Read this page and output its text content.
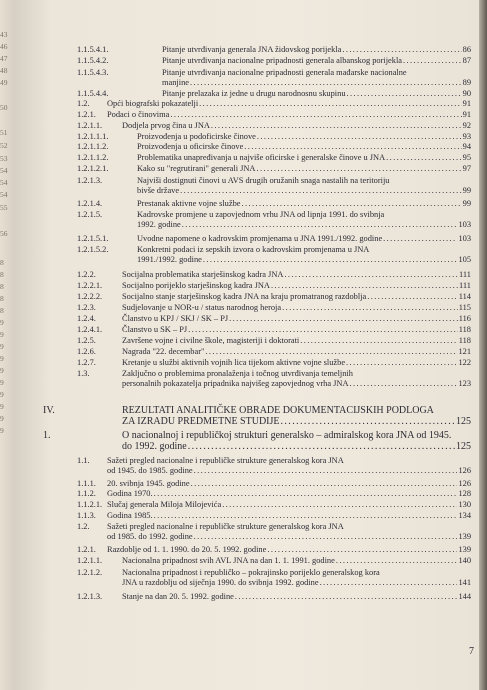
43
46
47
48
49
50
51
52
53
54
54
54
55
56
8
8
8
8
8
9
9
9
9
9
9
9
9
9
9
1.1.5.4.1.	Pitanje utvrđivanja generala JNA židovskog porijekla .....	86
1.1.5.4.2.	Pitanje utvrđivanja nacionalne pripadnosti generala albanskog porijekla .....	87
1.1.5.4.3.	Pitanje utvrđivanja nacionalne pripadnosti generala mađarske nacionalne
manjine .....	89
1.1.5.4.4.	Pitanje prelazaka iz jedne u drugu narodnosnu skupinu .....	90
1.2. Opći biografski pokazatelji .....	91
1.2.1. Podaci o činovima .....	91
1.2.1.1. Dodjela prvog čina u JNA .....	92
1.2.1.1.1.	Proizvođenja u podoficirske činove .....	93
1.2.1.1.2.	Proizvođenja u oficirske činove .....	94
1.2.1.1.2.	Problematika unapređivanja u najviše oficirske i generalske činove u JNA .....	95
1.2.1.2.1.	Kako su "regrutirani" generali JNA .....	97
1.2.1.3.	Najviši dostignuti činovi u AVS drugih oružanih snaga nastalih na teritoriju
bivše države .....	99
1.2.1.4.	Prestanak aktivne vojne službe .....	99
1.2.1.5.	Kadrovske promjene u zapovjednom vrhu JNA od lipnja 1991. do svibnja
1992. godine .....	103
1.2.1.5.1.	Uvodne napomene o kadrovskim promjenama u JNA 1991./1992. godine .....	103
1.2.1.5.2.	Konkretni podaci iz sepskih izvora o kadrovskim promjenama u JNA
1991./1992. godine .....	105
1.2.2.	Socijalna problematika starješinskog kadra JNA .....	111
1.2.2.1. Socijalno porijeklo starješinskog kadra JNA .....	111
1.2.2.2. Socijalno stanje starješinskog kadra JNA na kraju promatranog razdoblja .....	114
1.2.3.	Sudjelovanje u NOR-u / status narodnog heroja .....	115
1.2.4.	Članstvo u KPJ / SKJ / SK – PJ .....	116
1.2.4.1. Članstvo u SK – PJ .....	118
1.2.5.	Završene vojne i civilne škole, magisteriji i doktorati .....	118
1.2.6.	Nagrada "22. decembar" .....	121
1.2.7.	Kretanje u službi aktivnih vojnih lica tijekom aktivne vojne službe .....	122
1.3.	Zaključno o problemima pronalaženja i točnog utvrđivanja temeljnih
personalnih pokazatelja pripadnika najvišeg zapovjednog vrha JNA .....	123
IV.	REZULTATI ANALITIČKE OBRADE DOKUMENTACIJSKIH PODLOGA
ZA IZRADU PREDMETNE STUDIJE .....	125
1.	O nacionalnoj i republičkoj strukturi generalsko – admiralskog kora JNA od 1945.
do 1992. godine .....	125
1.1. Sažeti pregled nacionalne i republičke strukture generalskog kora JNA
od 1945. do 1985. godine .....	126
1.1.1. 20. svibnja 1945. godine .....	126
1.1.2. Godina 1970. .....	128
1.1.2.1. Slučaj generala Miloja Milojevića .....	130
1.1.3. Godina 1985. .....	134
1.2. Sažeti pregled nacionalne i republičke strukture generalskog kora JNA
od 1985. do 1992. godine .....	139
1.2.1. Razdoblje od 1. 1. 1990. do 20. 5. 1992. godine .....	139
1.2.1.1. Nacionalna pripadnost svih AVL JNA na dan 1. 1. 1991. godine .....	140
1.2.1.2. Nacionalna pripadnost i republičko – pokrajinsko porijeklo generalskog kora
JNA u razdoblju od siječnja 1990. do svibnja 1992. godine .....	141
1.2.1.3. Stanje na dan 20. 5. 1992. godine .....	144
7
